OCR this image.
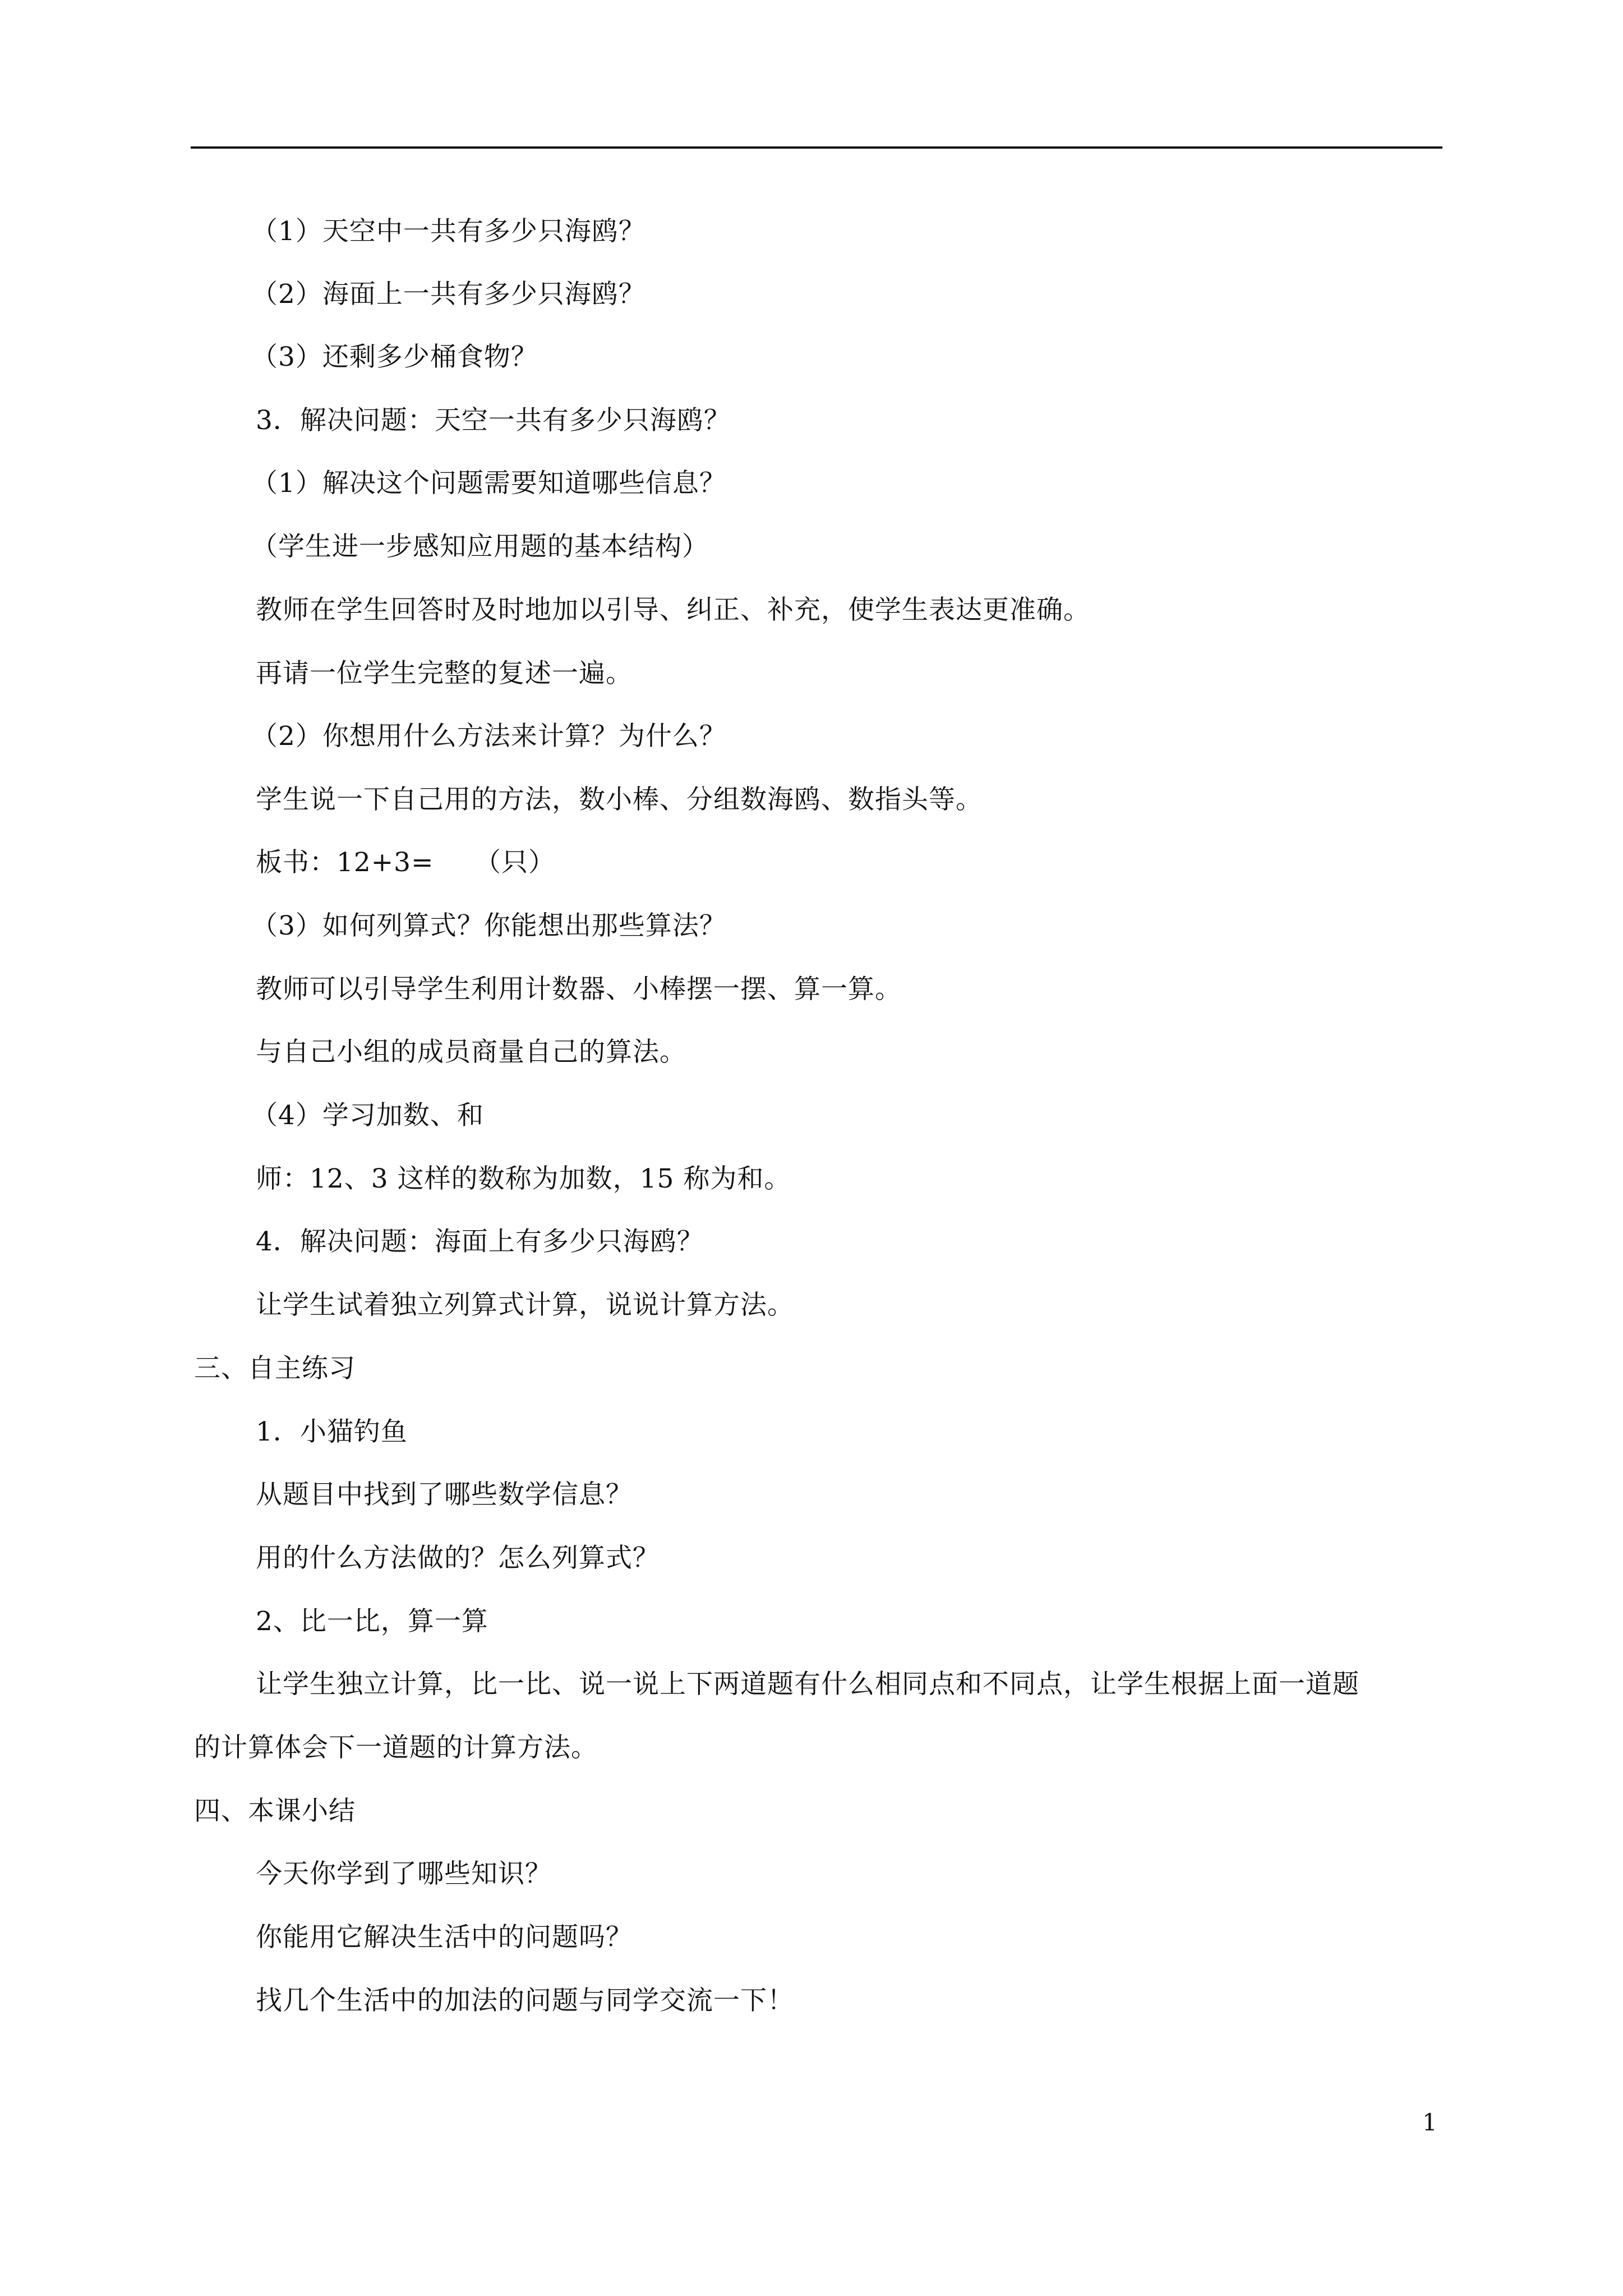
（1）天空中一共有多少只海鸥？
（2）海面上一共有多少只海鸥？
（3）还剩多少桶食物？
3．解决问题：天空一共有多少只海鸥？
（1）解决这个问题需要知道哪些信息？
（学生进一步感知应用题的基本结构）
教师在学生回答时及时地加以引导、纠正、补充，使学生表达更准确。
再请一位学生完整的复述一遍。
（2）你想用什么方法来计算？为什么？
学生说一下自己用的方法，数小棒、分组数海鸥、数指头等。
板书：12+3=　　（只）
（3）如何列算式？你能想出那些算法？
教师可以引导学生利用计数器、小棒摆一摆、算一算。
与自己小组的成员商量自己的算法。
（4）学习加数、和
师：12、3 这样的数称为加数，15 称为和。
4．解决问题：海面上有多少只海鸥？
让学生试着独立列算式计算，说说计算方法。
三、自主练习
1．小猫钓鱼
从题目中找到了哪些数学信息？
用的什么方法做的？怎么列算式？
2、比一比，算一算
让学生独立计算，比一比、说一说上下两道题有什么相同点和不同点，让学生根据上面一道题
的计算体会下一道题的计算方法。
四、本课小结
今天你学到了哪些知识？
你能用它解决生活中的问题吗？
找几个生活中的加法的问题与同学交流一下！
1
